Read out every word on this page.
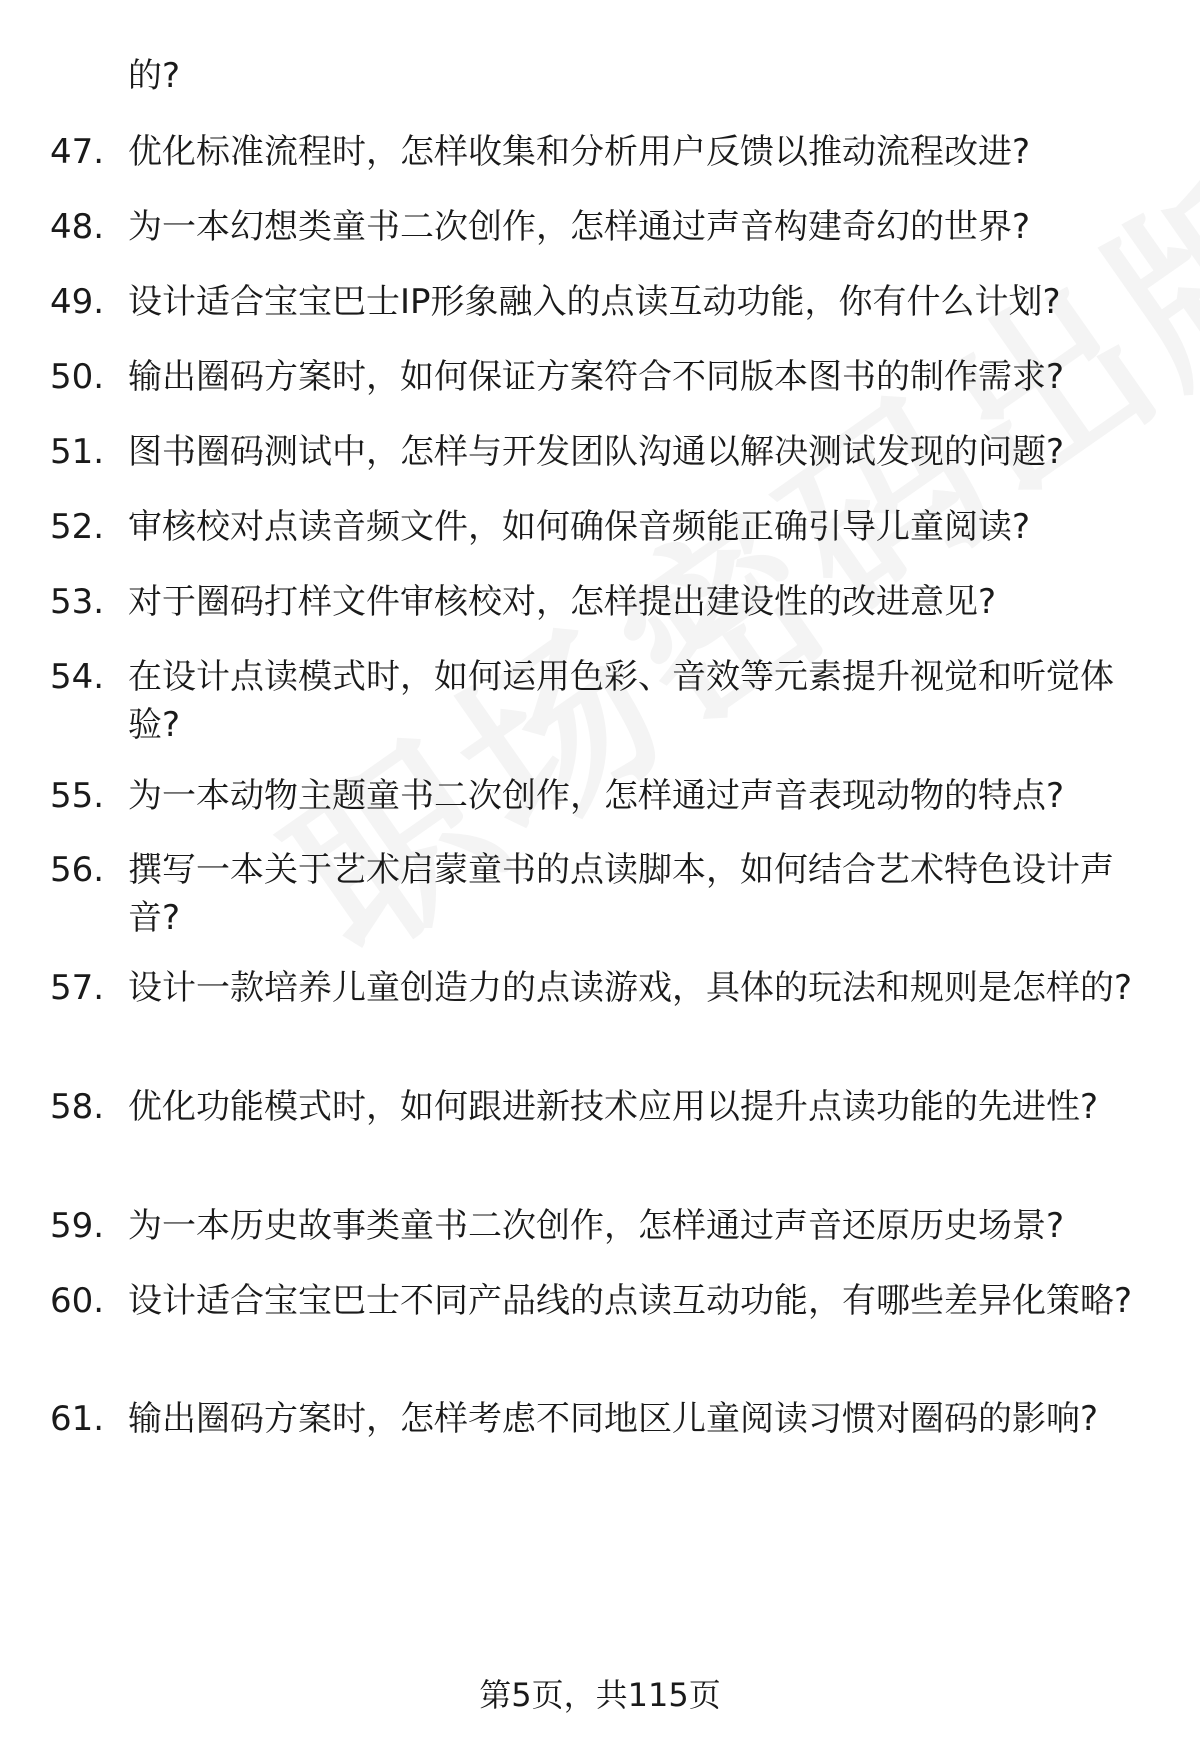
的?
47. 优化标准流程时，怎样收集和分析用户反馈以推动流程改进?
48. 为一本幻想类童书二次创作，怎样通过声音构建奇幻的世界?
49. 设计适合宝宝巴士IP形象融入的点读互动功能，你有什么计划?
50. 输出圈码方案时，如何保证方案符合不同版本图书的制作需求?
51. 图书圈码测试中，怎样与开发团队沟通以解决测试发现的问题?
52. 审核校对点读音频文件，如何确保音频能正确引导儿童阅读?
53. 对于圈码打样文件审核校对，怎样提出建设性的改进意见?
54. 在设计点读模式时，如何运用色彩、音效等元素提升视觉和听觉体验?
55. 为一本动物主题童书二次创作，怎样通过声音表现动物的特点?
56. 撰写一本关于艺术启蒙童书的点读脚本，如何结合艺术特色设计声音?
57. 设计一款培养儿童创造力的点读游戏，具体的玩法和规则是怎样的?
58. 优化功能模式时，如何跟进新技术应用以提升点读功能的先进性?
59. 为一本历史故事类童书二次创作，怎样通过声音还原历史场景?
60. 设计适合宝宝巴士不同产品线的点读互动功能，有哪些差异化策略?
61. 输出圈码方案时，怎样考虑不同地区儿童阅读习惯对圈码的影响?
第5页，共115页
